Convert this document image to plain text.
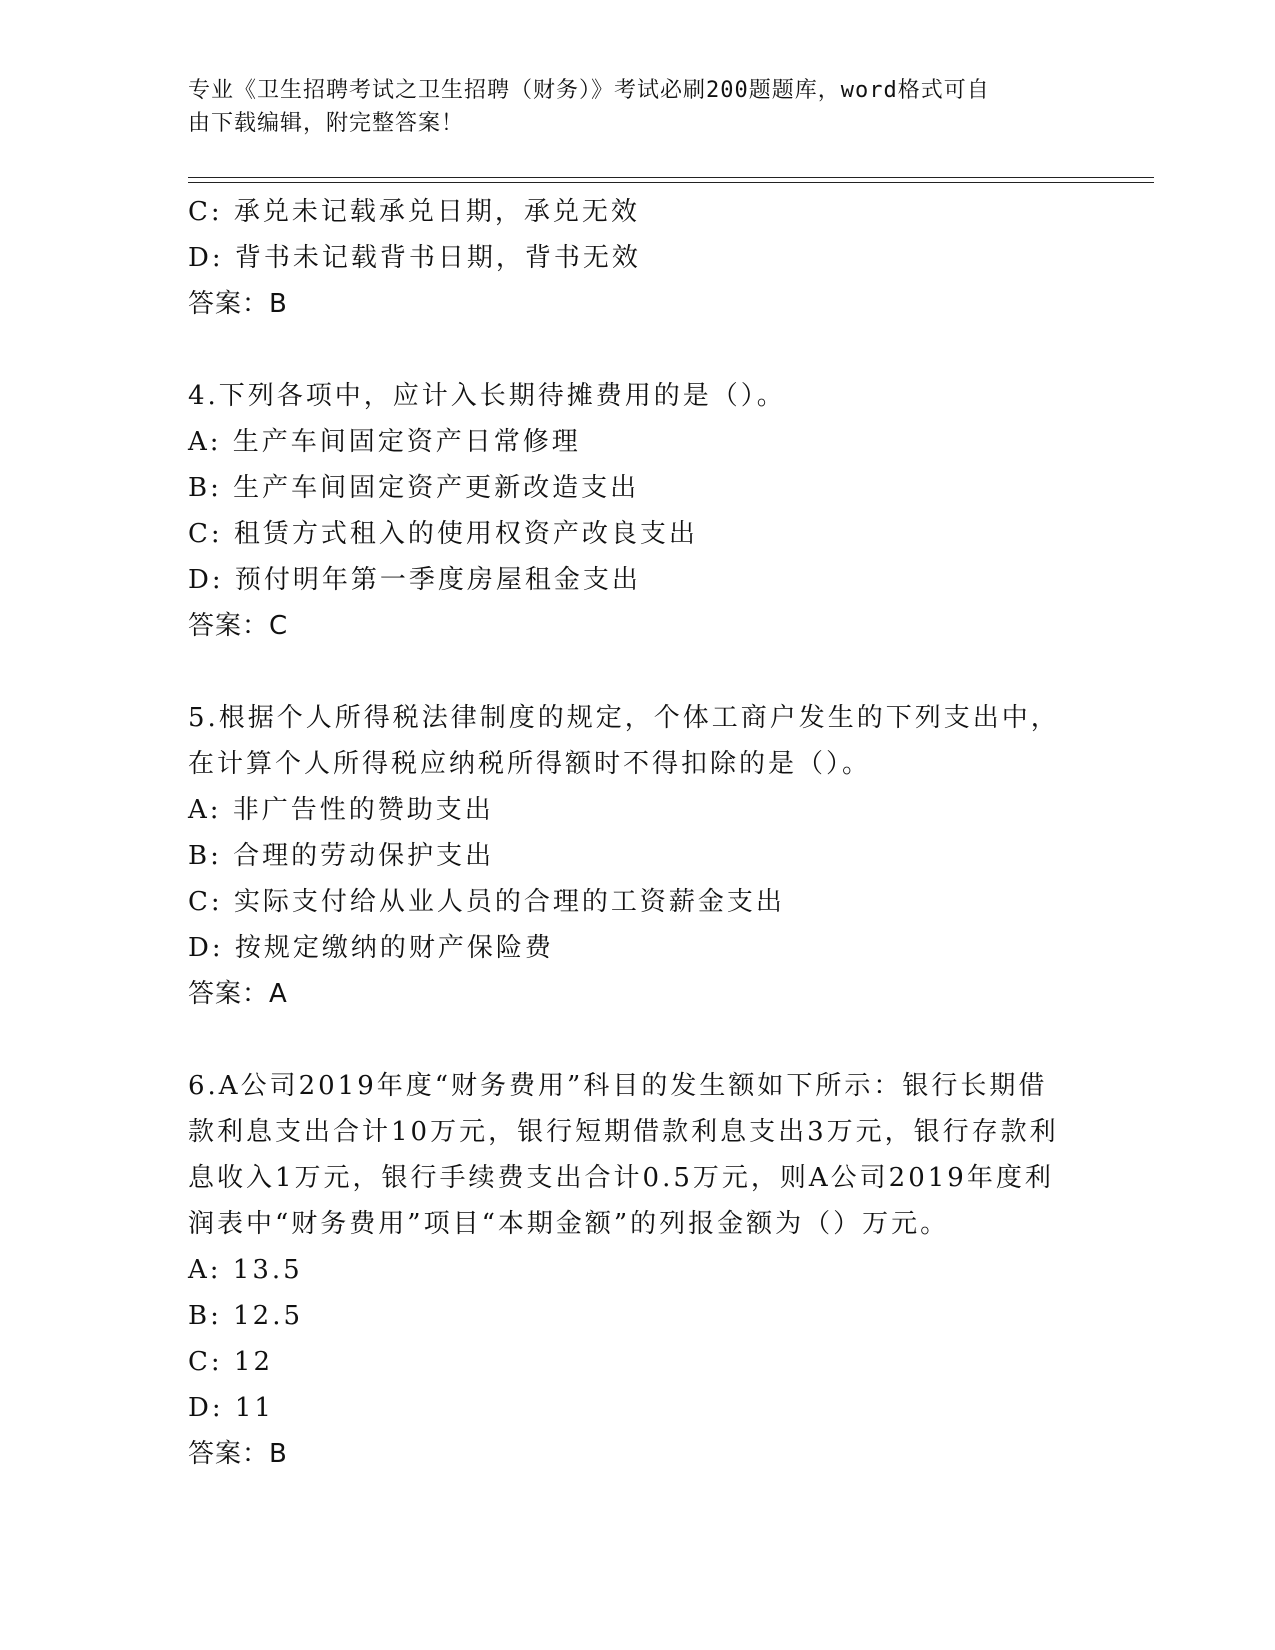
专业《卫生招聘考试之卫生招聘（财务）》考试必刷200题题库，word格式可自
由下载编辑，附完整答案！
C: 承兑未记载承兑日期，承兑无效
D: 背书未记载背书日期，背书无效
答案：B
4.下列各项中，应计入长期待摊费用的是（）。
A: 生产车间固定资产日常修理
B: 生产车间固定资产更新改造支出
C: 租赁方式租入的使用权资产改良支出
D: 预付明年第一季度房屋租金支出
答案：C
5.根据个人所得税法律制度的规定，个体工商户发生的下列支出中，
在计算个人所得税应纳税所得额时不得扣除的是（）。
A: 非广告性的赞助支出
B: 合理的劳动保护支出
C: 实际支付给从业人员的合理的工资薪金支出
D: 按规定缴纳的财产保险费
答案：A
6.A公司2019年度“财务费用”科目的发生额如下所示：银行长期借
款利息支出合计10万元，银行短期借款利息支出3万元，银行存款利
息收入1万元，银行手续费支出合计0.5万元，则A公司2019年度利
润表中“财务费用”项目“本期金额”的列报金额为（）万元。
A: 13.5
B: 12.5
C: 12
D: 11
答案：B
